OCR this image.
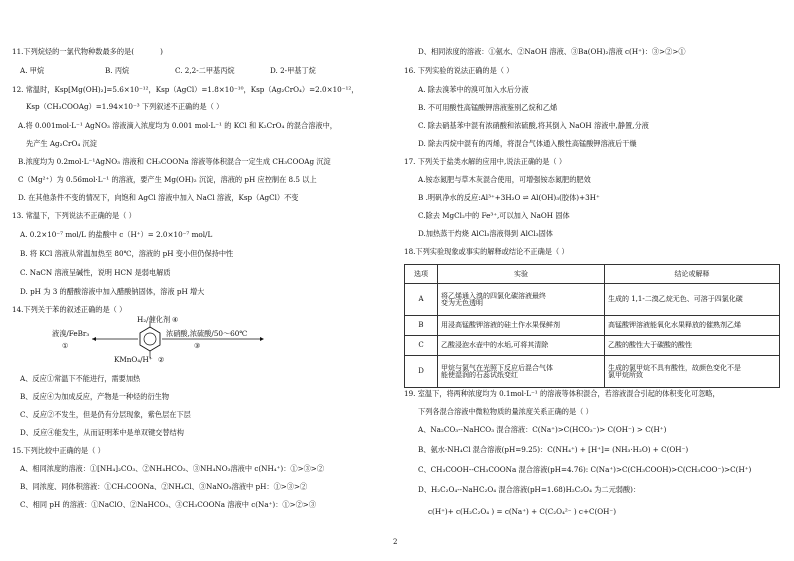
11.下列烷烃的一氯代物种数最多的是(	)
A. 甲烷	B. 丙烷	C. 2,2-二甲基丙烷	D. 2-甲基丁烷
12. 常温时，Ksp[Mg(OH)₂]=5.6×10⁻¹²，Ksp（AgCl）=1.8×10⁻¹⁰，Ksp（Ag₂CrO₄）=2.0×10⁻¹²，
Ksp（CH₃COOAg）=1.94×10⁻³ 下列叙述不正确的是（ ）
A.将 0.001mol·L⁻¹ AgNO₃ 溶液滴入浓度均为 0.001 mol·L⁻¹ 的 KCl 和 K₂CrO₄ 的混合溶液中，
先产生 Ag₂CrO₄ 沉淀
B.浓度均为 0.2mol·L⁻¹AgNO₃ 溶液和 CH₃COONa 溶液等体积混合一定生成 CH₃COOAg 沉淀
C（Mg²⁺）为 0.56mol·L⁻¹ 的溶液，要产生 Mg(OH)₂ 沉淀，溶液的 pH 应控制在 8.5 以上
D. 在其他条件不变的情况下，向饱和 AgCl 溶液中加入 NaCl 溶液，Ksp（AgCl）不变
13. 常温下，下列说法不正确的是（ ）
A. 0.2×10⁻⁷ mol/L 的盐酸中 c（H⁺）= 2.0×10⁻⁷ mol/L
B. 将 KCl 溶液从常温加热至 80℃，溶液的 pH 变小但仍保持中性
C. NaCN 溶液呈碱性，说明 HCN 是弱电解质
D. pH 为 3 的醋酸溶液中加入醋酸钠固体，溶液 pH 增大
14.下列关于苯的叙述正确的是（ ）
H₂/催化剂 ④
液溴/FeBr₃
①
浓硝酸,浓硫酸/50～60℃
③
KMnO₄/H⁺ ②
A、反应①常温下不能进行，需要加热
B、反应④为加成反应，产物是一种烃的衍生物
C、反应②不发生，但是仍有分层现象，紫色层在下层
D、反应④能发生，从而证明苯中是单双键交替结构
15.下列比较中正确的是（ ）
A、相同浓度的溶液：①[NH₄]₂CO₃、②NH₄HCO₃、③NH₄NO₃溶液中 c(NH₄⁺)：①>③>②
B、同浓度、同体积溶液：①CH₃COONa、②NH₄Cl、③NaNO₃溶液中 pH：①>③>②
C、相同 pH 的溶液：①NaClO、②NaHCO₃、③CH₃COONa 溶液中 c(Na⁺)：①>②>③
D、相同浓度的溶液：①氨水、②NaOH 溶液、③Ba(OH)₂溶液 c(H⁺)：③>②>①
16. 下列实验的说法正确的是（ ）
A. 除去溴苯中的溴可加入水后分液
B. 不可用酸性高锰酸钾溶液鉴别乙烷和乙烯
C. 除去硝基苯中混有浓硝酸和浓硫酸,将其倒入 NaOH 溶液中,静置,分液
D. 除去丙烷中混有的丙烯，将混合气体通入酸性高锰酸钾溶液后干燥
17. 下列关于盐类水解的应用中,说法正确的是（ ）
A.铵态氮肥与草木灰混合使用，可增强铵态氮肥的肥效
B .明矾净水的反应:Al³⁺+3H₂O ⇌ Al(OH)₃(胶体)+3H⁺
C.除去 MgCl₂中的 Fe³⁺,可以加入 NaOH 固体
D.加热蒸干灼烧 AlCl₃溶液得到 AlCl₃固体
18.下列实验现象或事实的解释或结论不正确是（ ）
选项	实验	结论或解释
A	将乙烯通入溴的四氯化碳溶液最终
变为无色透明	生成的 1,1-二溴乙烷无色、可溶于四氯化碳
B	用浸高锰酸钾溶液的硅土作水果保鲜剂	高锰酸钾溶液能氧化水果释放的催熟剂乙烯
C	乙酸浸泡水壶中的水垢,可将其清除	乙酸的酸性大于碳酸的酸性
D	甲烷与氯气在光照下反应后混合气体
能使湿润的石蕊试纸变红	生成的氯甲烷不具有酸性，故颜色变化不是
氯甲烷所致
19. 室温下，将两种浓度均为 0.1mol·L⁻¹ 的溶液等体积混合，若溶液混合引起的体积变化可忽略，
下列各混合溶液中微粒物质的量浓度关系正确的是（ ）
A、Na₂CO₃--NaHCO₃ 混合溶液：C(Na⁺)>C(HCO₃⁻)> C(OH⁻) > C(H⁺)
B、氨水-NH₄Cl 混合溶液(pH=9.25)：C(NH₄⁺) + [H⁺]= (NH₃·H₂O) + C(OH⁻)
C、CH₃COOH--CH₃COONa 混合溶液(pH=4.76): C(Na⁺)>C(CH₃COOH)>C(CH₃COO⁻)>C(H⁺)
D、H₂C₂O₄--NaHC₂O₄ 混合溶液(pH=1.68)H₂C₂O₄ 为二元弱酸)：
c(H⁺)+ c(H₂C₂O₄ ) = c(Na⁺) + C(C₂O₄²⁻ ) c+C(OH⁻)
2
